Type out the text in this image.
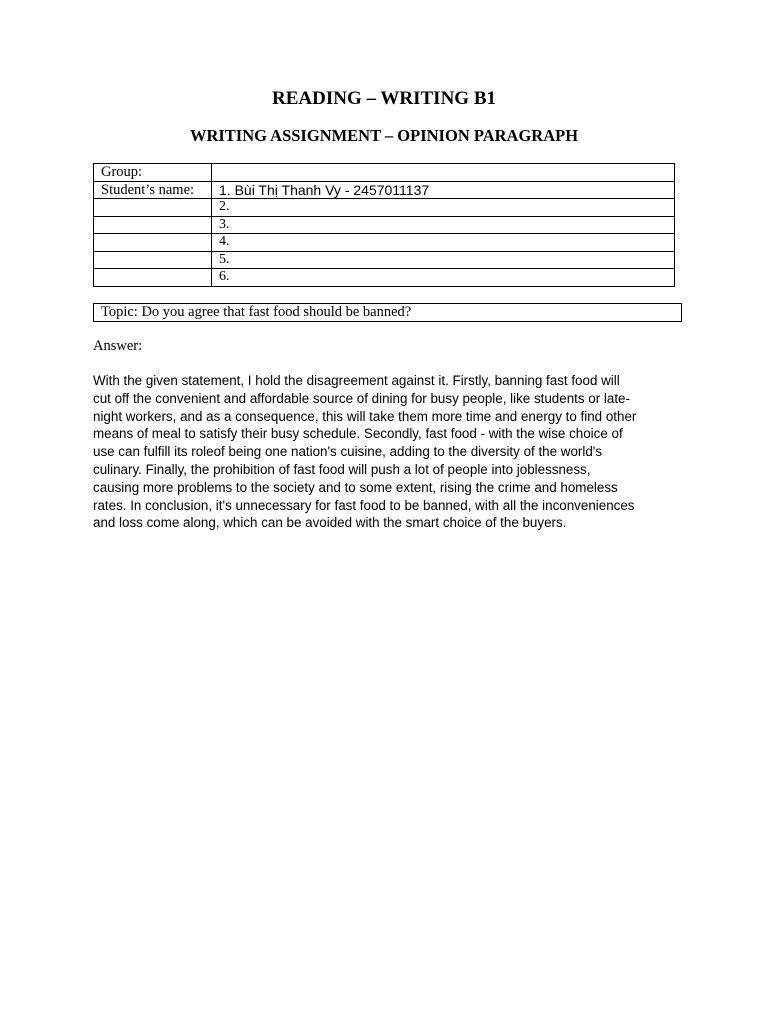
READING – WRITING B1
WRITING ASSIGNMENT – OPINION PARAGRAPH
Group:	
Student’s name:	1. Bùi Thị Thanh Vy - 2457011137
	2.
	3.
	4.
	5.
	6.
Topic: Do you agree that fast food should be banned?
Answer:
With the given statement, I hold the disagreement against it. Firstly, banning fast food will
cut off the convenient and affordable source of dining for busy people, like students or late-
night workers, and as a consequence, this will take them more time and energy to find other
means of meal to satisfy their busy schedule. Secondly, fast food - with the wise choice of
use can fulfill its roleof being one nation's cuisine, adding to the diversity of the world's
culinary. Finally, the prohibition of fast food will push a lot of people into joblessness,
causing more problems to the society and to some extent, rising the crime and homeless
rates. In conclusion, it's unnecessary for fast food to be banned, with all the inconveniences
and loss come along, which can be avoided with the smart choice of the buyers.
